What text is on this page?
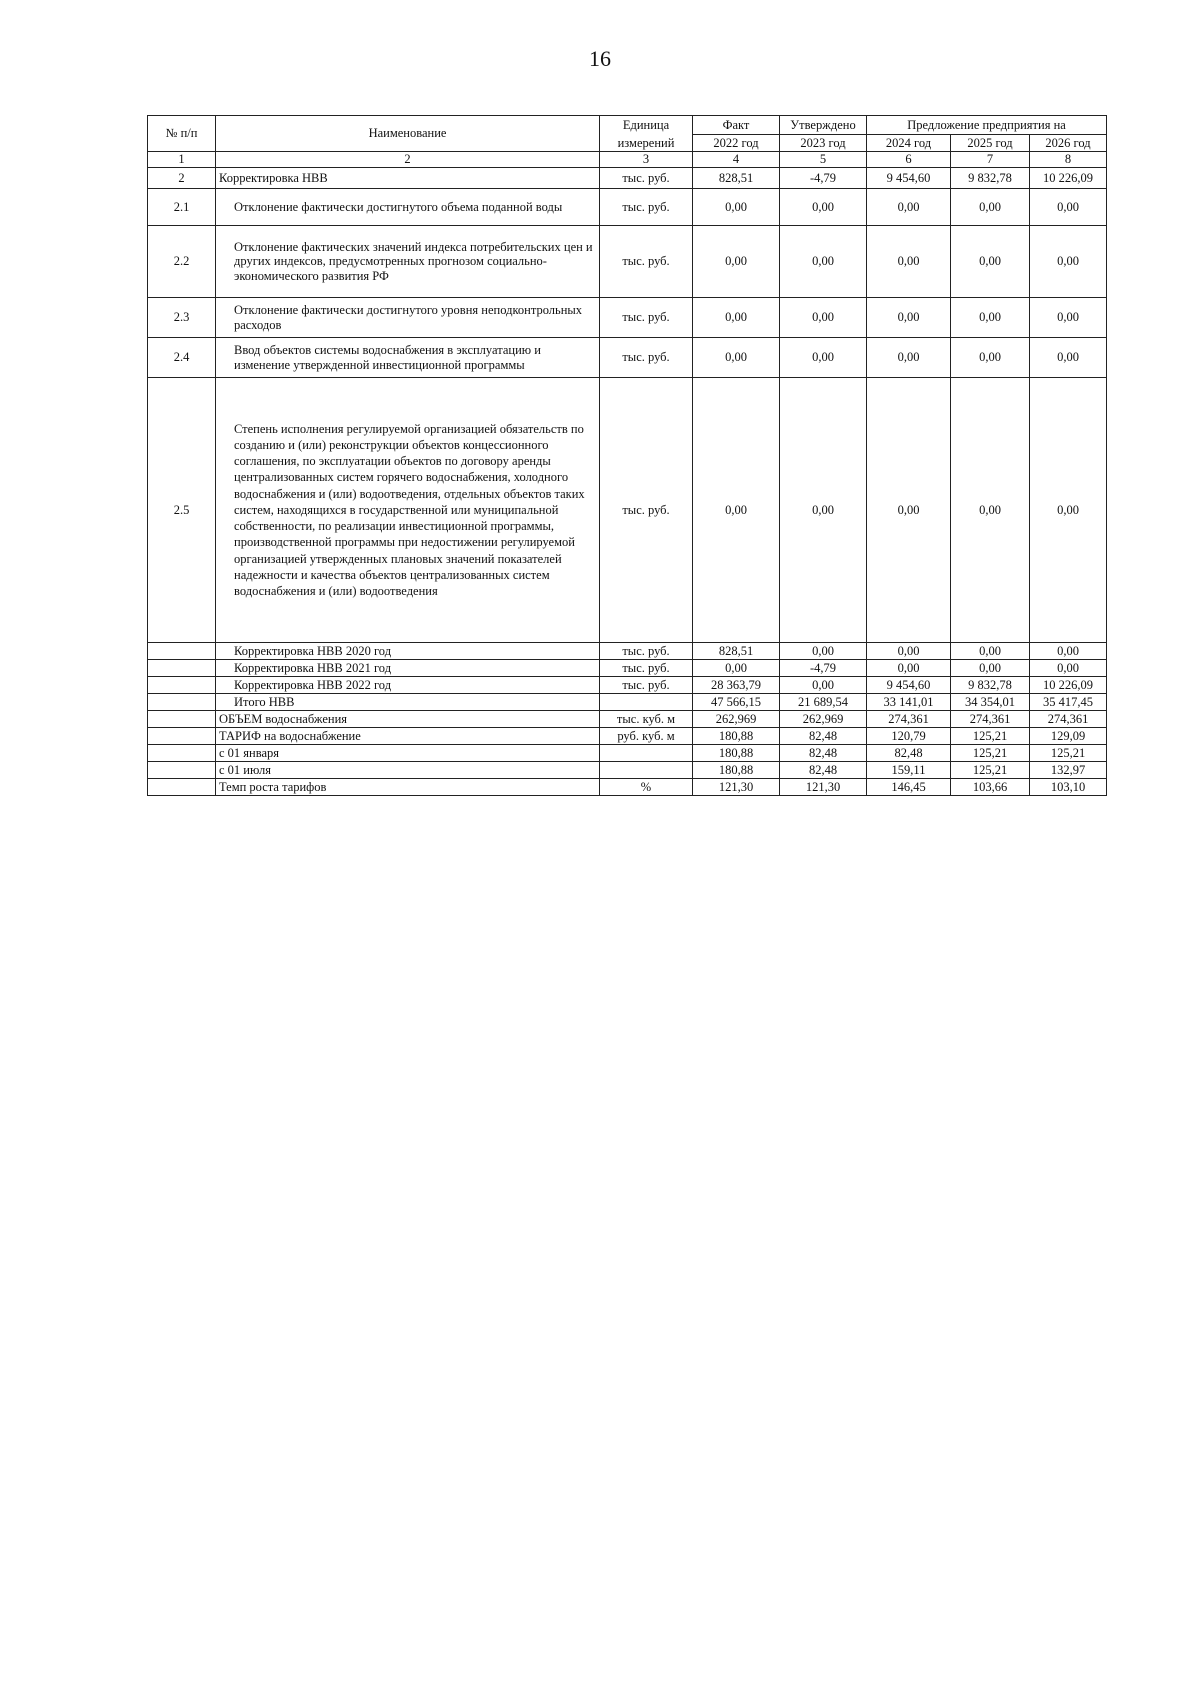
16
№ п/п	Наименование	Единица	Факт	Утверждено	Предложение предприятия на		
		измерений	2022 год	2023 год	2024 год	2025 год	2026 год
1	2	3	4	5	6	7	8
2	Корректировка НВВ	тыс. руб.	828,51	-4,79	9 454,60	9 832,78	10 226,09
2.1	Отклонение фактически достигнутого объема поданной воды	тыс. руб.	0,00	0,00	0,00	0,00	0,00
2.2	Отклонение фактических значений индекса потребительских цен и других индексов, предусмотренных прогнозом социально-экономического развития РФ	тыс. руб.	0,00	0,00	0,00	0,00	0,00
2.3	Отклонение фактически достигнутого уровня неподконтрольных расходов	тыс. руб.	0,00	0,00	0,00	0,00	0,00
2.4	Ввод объектов системы водоснабжения в эксплуатацию и изменение утвержденной инвестиционной программы	тыс. руб.	0,00	0,00	0,00	0,00	0,00
2.5	Степень исполнения регулируемой организацией обязательств по созданию и (или) реконструкции объектов концессионного соглашения, по эксплуатации объектов по договору аренды централизованных систем горячего водоснабжения, холодного водоснабжения и (или) водоотведения, отдельных объектов таких систем, находящихся в государственной или муниципальной собственности, по реализации инвестиционной программы, производственной программы при недостижении регулируемой организацией утвержденных плановых значений показателей надежности и качества объектов централизованных систем водоснабжения и (или) водоотведения	тыс. руб.	0,00	0,00	0,00	0,00	0,00
	Корректировка НВВ 2020 год	тыс. руб.	828,51	0,00	0,00	0,00	0,00
	Корректировка НВВ 2021 год	тыс. руб.	0,00	-4,79	0,00	0,00	0,00
	Корректировка НВВ 2022 год	тыс. руб.	28 363,79	0,00	9 454,60	9 832,78	10 226,09
	Итого НВВ		47 566,15	21 689,54	33 141,01	34 354,01	35 417,45
	ОБЪЕМ водоснабжения	тыс. куб. м	262,969	262,969	274,361	274,361	274,361
	ТАРИФ на водоснабжение	руб. куб. м	180,88	82,48	120,79	125,21	129,09
	с 01 января		180,88	82,48	82,48	125,21	125,21
	с 01 июля		180,88	82,48	159,11	125,21	132,97
	Темп роста тарифов	%	121,30	121,30	146,45	103,66	103,10
